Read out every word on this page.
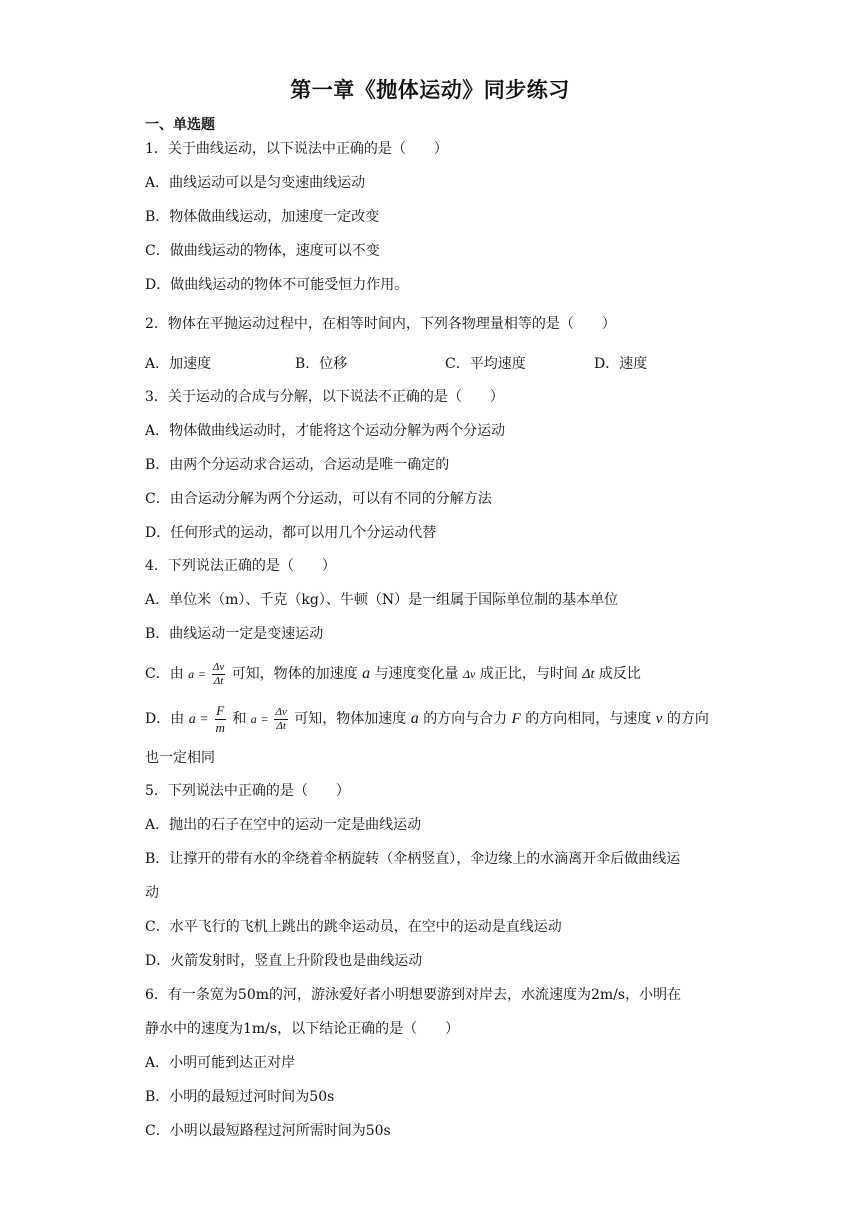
第一章《抛体运动》同步练习
一、单选题
1．关于曲线运动，以下说法中正确的是（　　）
A．曲线运动可以是匀变速曲线运动
B．物体做曲线运动，加速度一定改变
C．做曲线运动的物体，速度可以不变
D．做曲线运动的物体不可能受恒力作用。
2．物体在平抛运动过程中，在相等时间内，下列各物理量相等的是（　　）
A．加速度	B．位移	C．平均速度	D．速度
3．关于运动的合成与分解，以下说法不正确的是（　　）
A．物体做曲线运动时，才能将这个运动分解为两个分运动
B．由两个分运动求合运动，合运动是唯一确定的
C．由合运动分解为两个分运动，可以有不同的分解方法
D．任何形式的运动，都可以用几个分运动代替
4．下列说法正确的是（　　）
A．单位米（m）、千克（kg）、牛顿（N）是一组属于国际单位制的基本单位
B．曲线运动一定是变速运动
C．由 $a = \frac{\Delta v}{\Delta t}$ 可知，物体的加速度 a 与速度变化量 Δv 成正比，与时间 Δt 成反比
D．由 $a = \frac{F}{m}$ 和 $a = \frac{\Delta v}{\Delta t}$ 可知，物体加速度 a 的方向与合力 F 的方向相同，与速度 v 的方向
也一定相同
5．下列说法中正确的是（　　）
A．抛出的石子在空中的运动一定是曲线运动
B．让撑开的带有水的伞绕着伞柄旋转（伞柄竖直），伞边缘上的水滴离开伞后做曲线运
动
C．水平飞行的飞机上跳出的跳伞运动员，在空中的运动是直线运动
D．火箭发射时，竖直上升阶段也是曲线运动
6．有一条宽为50m的河，游泳爱好者小明想要游到对岸去，水流速度为2m/s，小明在
静水中的速度为1m/s，以下结论正确的是（　　）
A．小明可能到达正对岸
B．小明的最短过河时间为50s
C．小明以最短路程过河所需时间为50s
